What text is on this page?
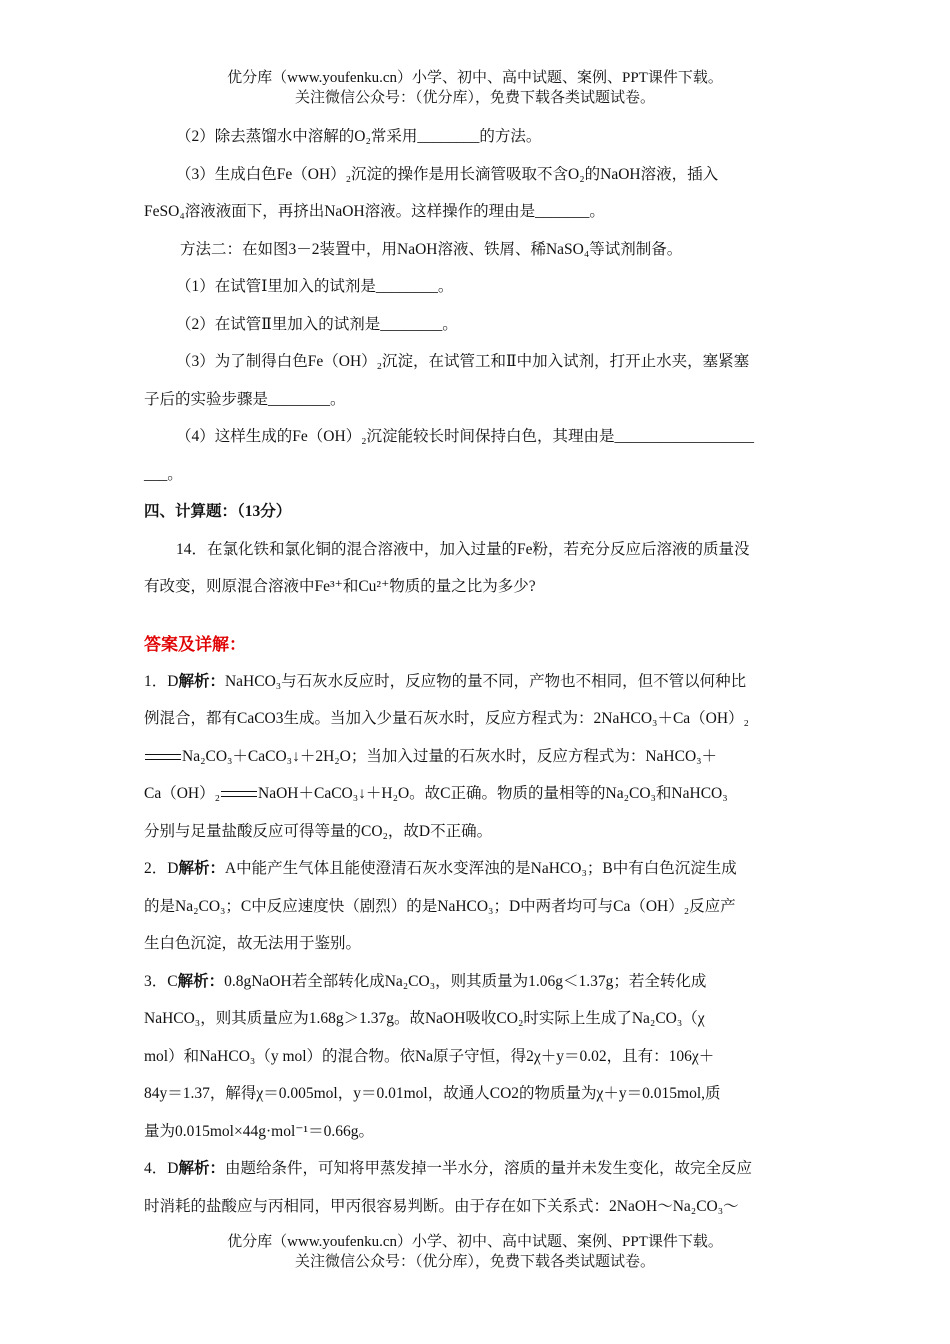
优分库（www.youfenku.cn）小学、初中、高中试题、案例、PPT课件下载。
关注微信公众号：（优分库），免费下载各类试题试卷。

（2）除去蒸馏水中溶解的O₂常采用________的方法。

（3）生成白色Fe（OH）₂沉淀的操作是用长滴管吸取不含O₂的NaOH溶液，插入

FeSO₄溶液液面下，再挤出NaOH溶液。这样操作的理由是_______。

方法二：在如图3－2装置中，用NaOH溶液、铁屑、稀NaSO₄等试剂制备。

（1）在试管Ⅰ里加入的试剂是________。

（2）在试管Ⅱ里加入的试剂是________。

（3）为了制得白色Fe（OH）₂沉淀，在试管工和Ⅱ中加入试剂，打开止水夹，塞紧塞

子后的实验步骤是________。

（4）这样生成的Fe（OH）₂沉淀能较长时间保持白色，其理由是__________________

___。

四、计算题：（13分）

14．在氯化铁和氯化铜的混合溶液中，加入过量的Fe粉，若充分反应后溶液的质量没

有改变，则原混合溶液中Fe³⁺和Cu²⁺物质的量之比为多少?

答案及详解：

1．D解析：NaHCO₃与石灰水反应时，反应物的量不同，产物也不相同，但不管以何种比

例混合，都有CaCO3生成。当加入少量石灰水时，反应方程式为：2NaHCO₃＋Ca（OH）₂

Na₂CO₃＋CaCO₃↓＋2H₂O；当加入过量的石灰水时，反应方程式为：NaHCO₃＋

Ca（OH）₂ NaOH＋CaCO₃↓＋H₂O。故C正确。物质的量相等的Na₂CO₃和NaHCO₃

分别与足量盐酸反应可得等量的CO₂，故D不正确。

2．D解析：A中能产生气体且能使澄清石灰水变浑浊的是NaHCO₃；B中有白色沉淀生成

的是Na₂CO₃；C中反应速度快（剧烈）的是NaHCO₃；D中两者均可与Ca（OH）₂反应产

生白色沉淀，故无法用于鉴别。

3．C解析：0.8gNaOH若全部转化成Na₂CO₃，则其质量为1.06g＜1.37g；若全转化成

NaHCO₃，则其质量应为1.68g＞1.37g。故NaOH吸收CO₂时实际上生成了Na₂CO₃（χ

mol）和NaHCO₃（y mol）的混合物。依Na原子守恒，得2χ＋y＝0.02，且有：106χ＋

84y＝1.37，解得χ＝0.005mol，y＝0.01mol，故通人CO2的物质量为χ＋y＝0.015mol,质

量为0.015mol×44g·mol⁻¹＝0.66g。

4．D解析：由题给条件，可知将甲蒸发掉一半水分，溶质的量并未发生变化，故完全反应

时消耗的盐酸应与丙相同，甲丙很容易判断。由于存在如下关系式：2NaOH～Na₂CO₃～

优分库（www.youfenku.cn）小学、初中、高中试题、案例、PPT课件下载。
关注微信公众号：（优分库），免费下载各类试题试卷。
